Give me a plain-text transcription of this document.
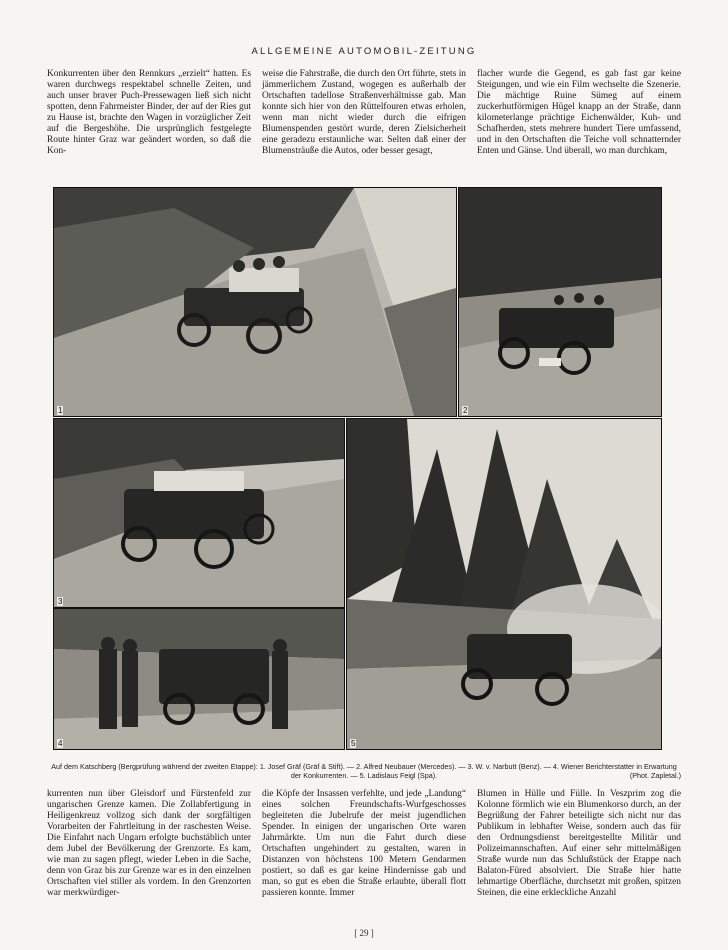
ALLGEMEINE AUTOMOBIL-ZEITUNG
Konkurrenten über den Rennkurs „erzielt“ hatten. Es waren durchwegs respektabel schnelle Zeiten, und auch unser braver Puch-Pressewagen ließ sich nicht spotten, denn Fahrmeister Binder, der auf der Ries gut zu Hause ist, brachte den Wagen in vorzüglicher Zeit auf die Bergeshöhe. Die ursprünglich festgelegte Route hinter Graz war geändert worden, so daß die Kon-
weise die Fahrstraße, die durch den Ort führte, stets in jämmerlichem Zustand, wogegen es außerhalb der Ortschaften tadellose Straßenverhältnisse gab. Man konnte sich hier von den Rüttelfouren etwas erholen, wenn man nicht wieder durch die eifrigen Blumenspenden gestört wurde, deren Zielsicherheit eine geradezu erstaunliche war. Selten daß einer der Blumensträuße die Autos, oder besser gesagt,
flacher wurde die Gegend, es gab fast gar keine Steigungen, und wie ein Film wechselte die Szenerie. Die mächtige Ruine Sümeg auf einem zuckerhutförmigen Hügel knapp an der Straße, dann kilometerlange prächtige Eichenwälder, Kuh- und Schafherden, stets mehrere hundert Tiere umfassend, und in den Ortschaften die Teiche voll schnatternder Enten und Gänse. Und überall, wo man durchkam,
1	2
3
4	5
Auf dem Katschberg (Bergprüfung während der zweiten Etappe): 1. Josef Gräf (Gräf & Stift). — 2. Alfred Neubauer (Mercedes). — 3. W. v. Narbutt (Benz). — 4. Wiener Berichterstatter in Erwartung der Konkurrenten. — 5. Ladislaus Feigl (Spa).	(Phot. Zapletal.)
kurrenten nun über Gleisdorf und Fürstenfeld zur ungarischen Grenze kamen. Die Zollabfertigung in Heiligenkreuz vollzog sich dank der sorgfältigen Vorarbeiten der Fahrtleitung in der raschesten Weise. Die Einfahrt nach Ungarn erfolgte buchstäblich unter dem Jubel der Bevölkerung der Grenzorte. Es kam, wie man zu sagen pflegt, wieder Leben in die Sache, denn von Graz bis zur Grenze war es in den einzelnen Ortschaften viel stiller als vordem. In den Grenzorten war merkwürdiger-
die Köpfe der Insassen verfehlte, und jede „Landung“ eines solchen Freundschafts-Wurfgeschosses begleiteten die Jubelrufe der meist jugendlichen Spender. In einigen der ungarischen Orte waren Jahrmärkte. Um nun die Fahrt durch diese Ortschaften ungehindert zu gestalten, waren in Distanzen von höchstens 100 Metern Gendarmen postiert, so daß es gar keine Hindernisse gab und man, so gut es eben die Straße erlaubte, überall flott passieren konnte. Immer
Blumen in Hülle und Fülle. In Veszprim zog die Kolonne förmlich wie ein Blumenkorso durch, an der Begrüßung der Fahrer beteiligte sich nicht nur das Publikum in lebhafter Weise, sondern auch das für den Ordnungsdienst bereitgestellte Militär und Polizeimannschaften. Auf einer sehr mittelmäßigen Straße wurde nun das Schlußstück der Etappe nach Balaton-Füred absolviert. Die Straße hier hatte lehmartige Oberfläche, durchsetzt mit großen, spitzen Steinen, die eine erkleckliche Anzahl
[ 29 ]
